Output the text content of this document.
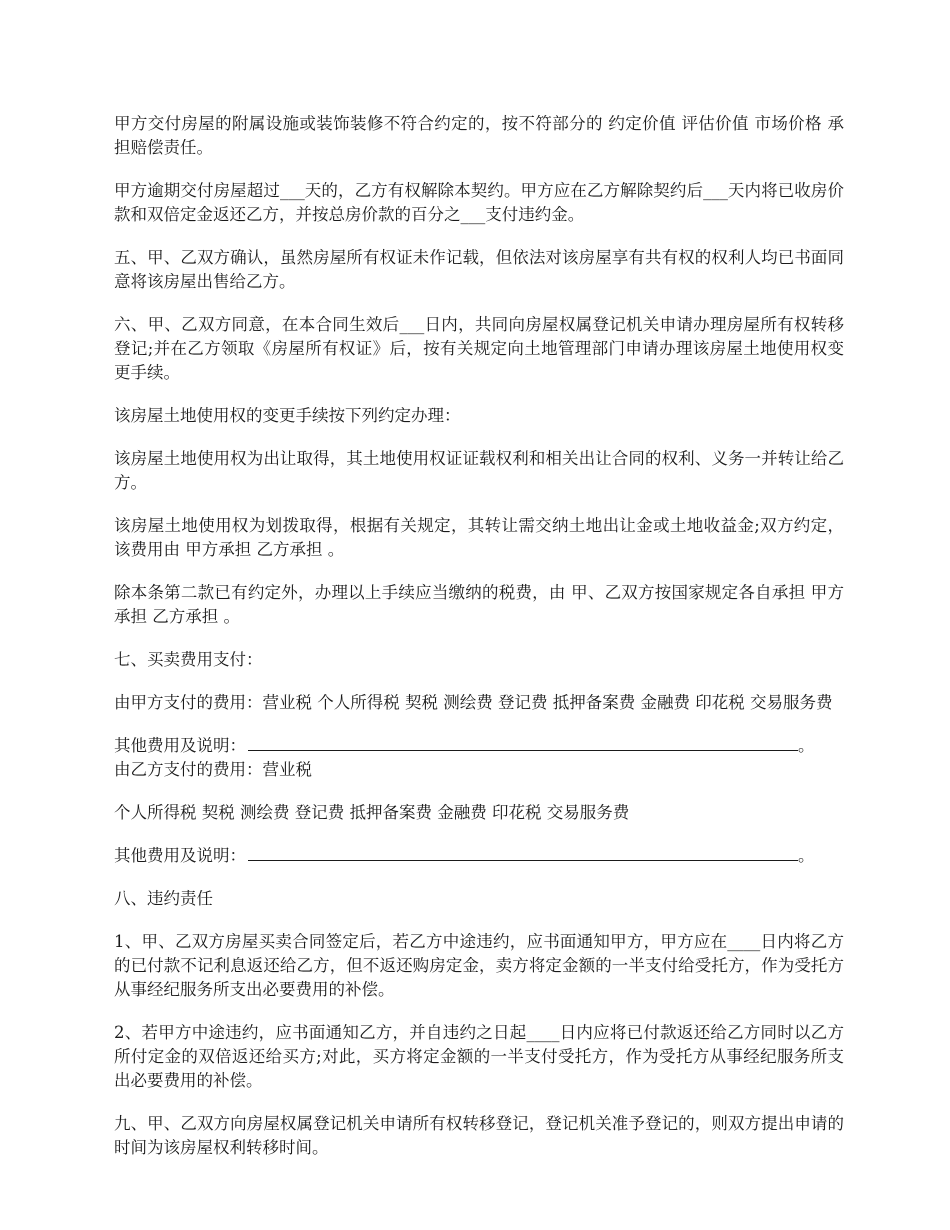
甲方交付房屋的附属设施或装饰装修不符合约定的，按不符部分的 约定价值 评估价值 市场价格 承担赔偿责任。

甲方逾期交付房屋超过___天的，乙方有权解除本契约。甲方应在乙方解除契约后___天内将已收房价款和双倍定金返还乙方，并按总房价款的百分之___支付违约金。

五、甲、乙双方确认，虽然房屋所有权证未作记载，但依法对该房屋享有共有权的权利人均已书面同意将该房屋出售给乙方。

六、甲、乙双方同意，在本合同生效后___日内，共同向房屋权属登记机关申请办理房屋所有权转移登记;并在乙方领取《房屋所有权证》后，按有关规定向土地管理部门申请办理该房屋土地使用权变更手续。

该房屋土地使用权的变更手续按下列约定办理：

该房屋土地使用权为出让取得，其土地使用权证证载权利和相关出让合同的权利、义务一并转让给乙方。

该房屋土地使用权为划拨取得，根据有关规定，其转让需交纳土地出让金或土地收益金;双方约定，该费用由 甲方承担 乙方承担 。

除本条第二款已有约定外，办理以上手续应当缴纳的税费，由 甲、乙双方按国家规定各自承担 甲方承担 乙方承担 。

七、买卖费用支付：

由甲方支付的费用：营业税 个人所得税 契税 测绘费 登记费 抵押备案费 金融费 印花税 交易服务费

其他费用及说明：	。

由乙方支付的费用：营业税

个人所得税 契税 测绘费 登记费 抵押备案费 金融费 印花税 交易服务费

其他费用及说明：	。

八、违约责任

1、甲、乙双方房屋买卖合同签定后，若乙方中途违约，应书面通知甲方，甲方应在____日内将乙方的已付款不记利息返还给乙方，但不返还购房定金，卖方将定金额的一半支付给受托方，作为受托方从事经纪服务所支出必要费用的补偿。

2、若甲方中途违约，应书面通知乙方，并自违约之日起____日内应将已付款返还给乙方同时以乙方所付定金的双倍返还给买方;对此，买方将定金额的一半支付受托方，作为受托方从事经纪服务所支出必要费用的补偿。

九、甲、乙双方向房屋权属登记机关申请所有权转移登记，登记机关准予登记的，则双方提出申请的时间为该房屋权利转移时间。
